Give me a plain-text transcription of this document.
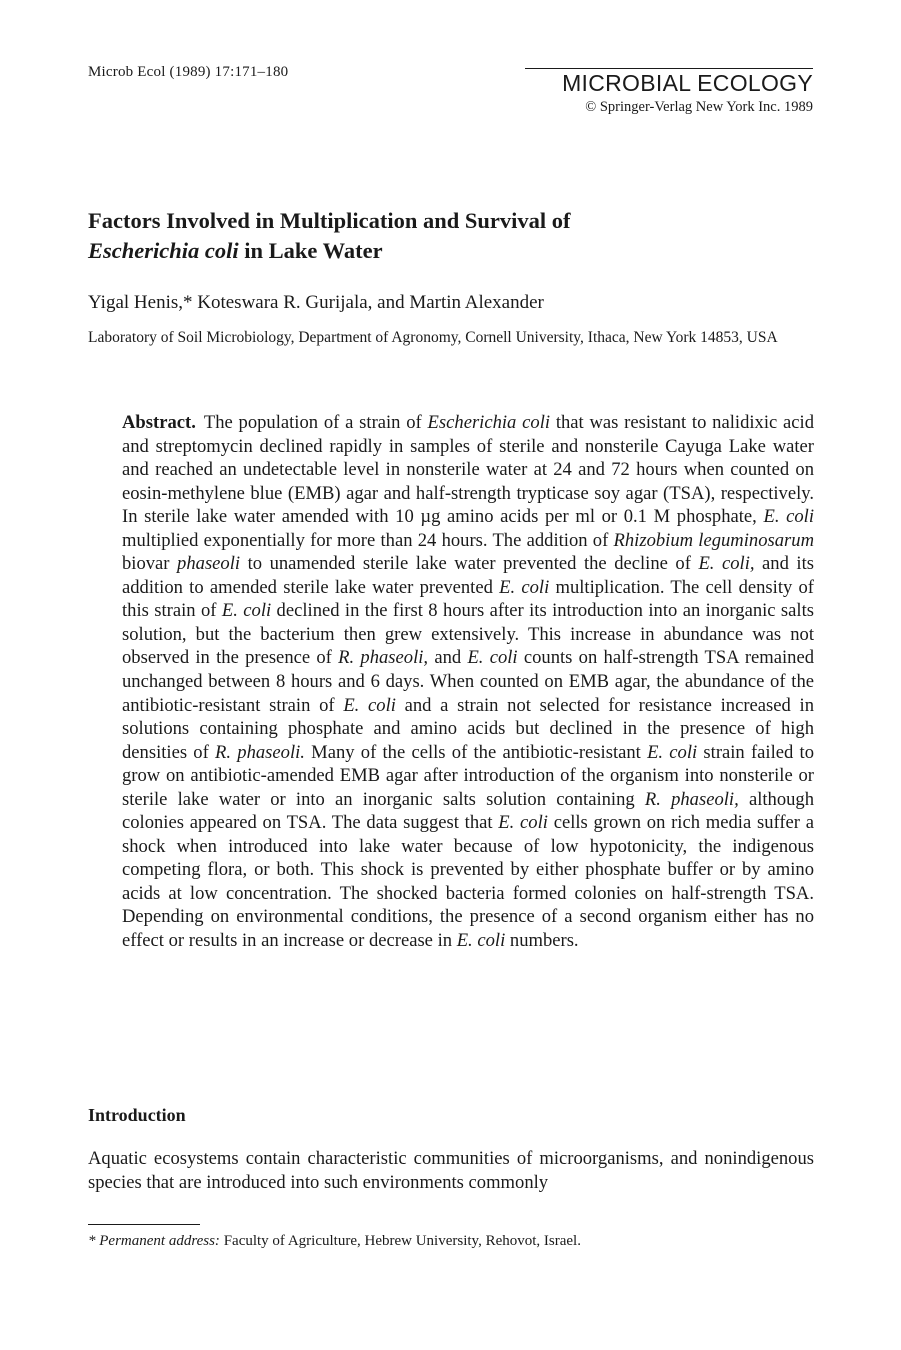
Microb Ecol (1989) 17:171–180	MICROBIAL ECOLOGY
© Springer-Verlag New York Inc. 1989
Factors Involved in Multiplication and Survival of
Escherichia coli in Lake Water
Yigal Henis,* Koteswara R. Gurijala, and Martin Alexander
Laboratory of Soil Microbiology, Department of Agronomy, Cornell University, Ithaca, New York 14853, USA
Abstract. The population of a strain of Escherichia coli that was resistant to nalidixic acid and streptomycin declined rapidly in samples of sterile and nonsterile Cayuga Lake water and reached an undetectable level in nonsterile water at 24 and 72 hours when counted on eosin-methylene blue (EMB) agar and half-strength trypticase soy agar (TSA), respectively. In sterile lake water amended with 10 µg amino acids per ml or 0.1 M phosphate, E. coli multiplied exponentially for more than 24 hours. The addition of Rhizobium leguminosarum biovar phaseoli to unamended sterile lake water prevented the decline of E. coli, and its addition to amended sterile lake water prevented E. coli multiplication. The cell density of this strain of E. coli declined in the first 8 hours after its introduction into an inorganic salts solution, but the bacterium then grew extensively. This increase in abundance was not observed in the presence of R. phaseoli, and E. coli counts on half-strength TSA remained unchanged between 8 hours and 6 days. When counted on EMB agar, the abundance of the antibiotic-resistant strain of E. coli and a strain not selected for resistance increased in solutions containing phosphate and amino acids but declined in the presence of high densities of R. phaseoli. Many of the cells of the antibiotic-resistant E. coli strain failed to grow on antibiotic-amended EMB agar after introduction of the organism into nonsterile or sterile lake water or into an inorganic salts solution containing R. phaseoli, although colonies appeared on TSA. The data suggest that E. coli cells grown on rich media suffer a shock when introduced into lake water because of low hypotonicity, the indigenous competing flora, or both. This shock is prevented by either phosphate buffer or by amino acids at low concentration. The shocked bacteria formed colonies on half-strength TSA. Depending on environmental conditions, the presence of a second organism either has no effect or results in an increase or decrease in E. coli numbers.
Introduction
Aquatic ecosystems contain characteristic communities of microorganisms, and nonindigenous species that are introduced into such environments commonly
* Permanent address: Faculty of Agriculture, Hebrew University, Rehovot, Israel.
